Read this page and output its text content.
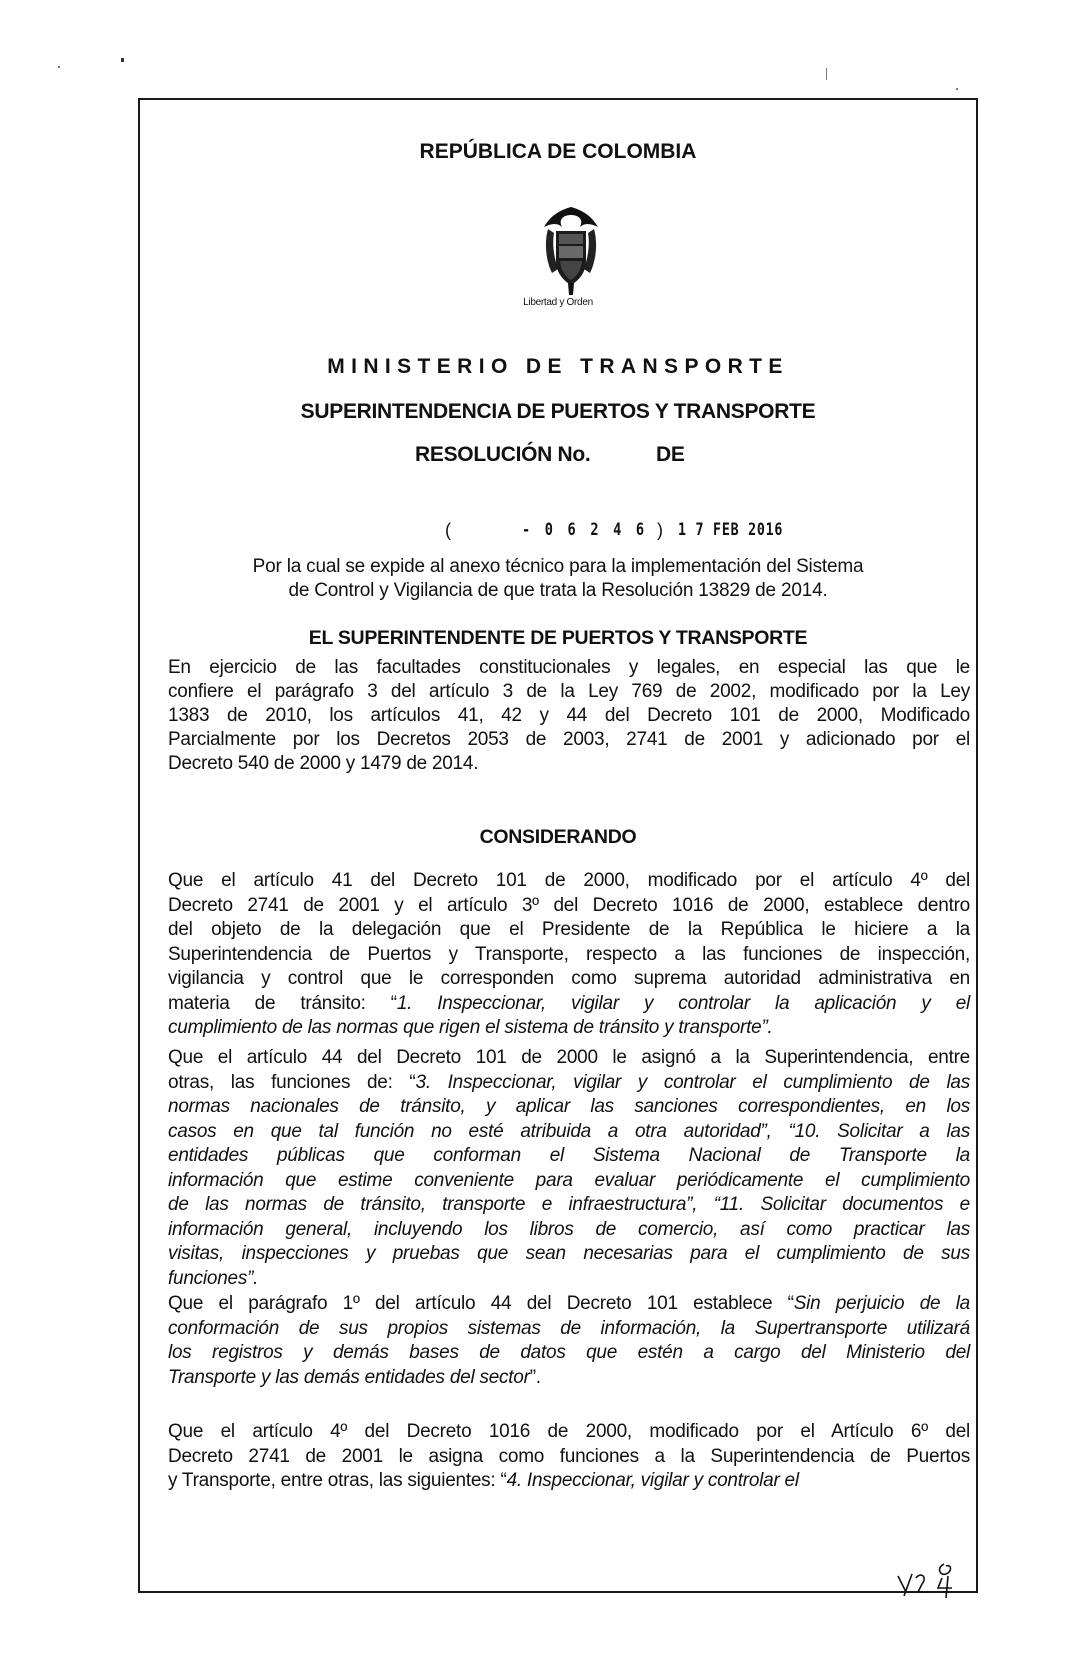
REPÚBLICA DE COLOMBIA
Libertad y Orden
MINISTERIO DE TRANSPORTE
SUPERINTENDENCIA DE PUERTOS Y TRANSPORTE
RESOLUCIÓN No.	DE
(	- 0 6 2 4 6 ) 1 7 FEB 2016
Por la cual se expide al anexo técnico para la implementación del Sistema
de Control y Vigilancia de que trata la Resolución 13829 de 2014.
EL SUPERINTENDENTE DE PUERTOS Y TRANSPORTE
En ejercicio de las facultades constitucionales y legales, en especial las que le
confiere el parágrafo 3 del artículo 3 de la Ley 769 de 2002, modificado por la Ley
1383 de 2010, los artículos 41, 42 y 44 del Decreto 101 de 2000, Modificado
Parcialmente por los Decretos 2053 de 2003, 2741 de 2001 y adicionado por el
Decreto 540 de 2000 y 1479 de 2014.
CONSIDERANDO
Que el artículo 41 del Decreto 101 de 2000, modificado por el artículo 4º del
Decreto 2741 de 2001 y el artículo 3º del Decreto 1016 de 2000, establece dentro
del objeto de la delegación que el Presidente de la República le hiciere a la
Superintendencia de Puertos y Transporte, respecto a las funciones de inspección,
vigilancia y control que le corresponden como suprema autoridad administrativa en
materia de tránsito: “1. Inspeccionar, vigilar y controlar la aplicación y el
cumplimiento de las normas que rigen el sistema de tránsito y transporte”.
Que el artículo 44 del Decreto 101 de 2000 le asignó a la Superintendencia, entre
otras, las funciones de: “3. Inspeccionar, vigilar y controlar el cumplimiento de las
normas nacionales de tránsito, y aplicar las sanciones correspondientes, en los
casos en que tal función no esté atribuida a otra autoridad”, “10. Solicitar a las
entidades públicas que conforman el Sistema Nacional de Transporte la
información que estime conveniente para evaluar periódicamente el cumplimiento
de las normas de tránsito, transporte e infraestructura”, “11. Solicitar documentos e
información general, incluyendo los libros de comercio, así como practicar las
visitas, inspecciones y pruebas que sean necesarias para el cumplimiento de sus
funciones”.
Que el parágrafo 1º del artículo 44 del Decreto 101 establece “Sin perjuicio de la
conformación de sus propios sistemas de información, la Supertransporte utilizará
los registros y demás bases de datos que estén a cargo del Ministerio del
Transporte y las demás entidades del sector”.
Que el artículo 4º del Decreto 1016 de 2000, modificado por el Artículo 6º del
Decreto 2741 de 2001 le asigna como funciones a la Superintendencia de Puertos
y Transporte, entre otras, las siguientes: “4. Inspeccionar, vigilar y controlar el
